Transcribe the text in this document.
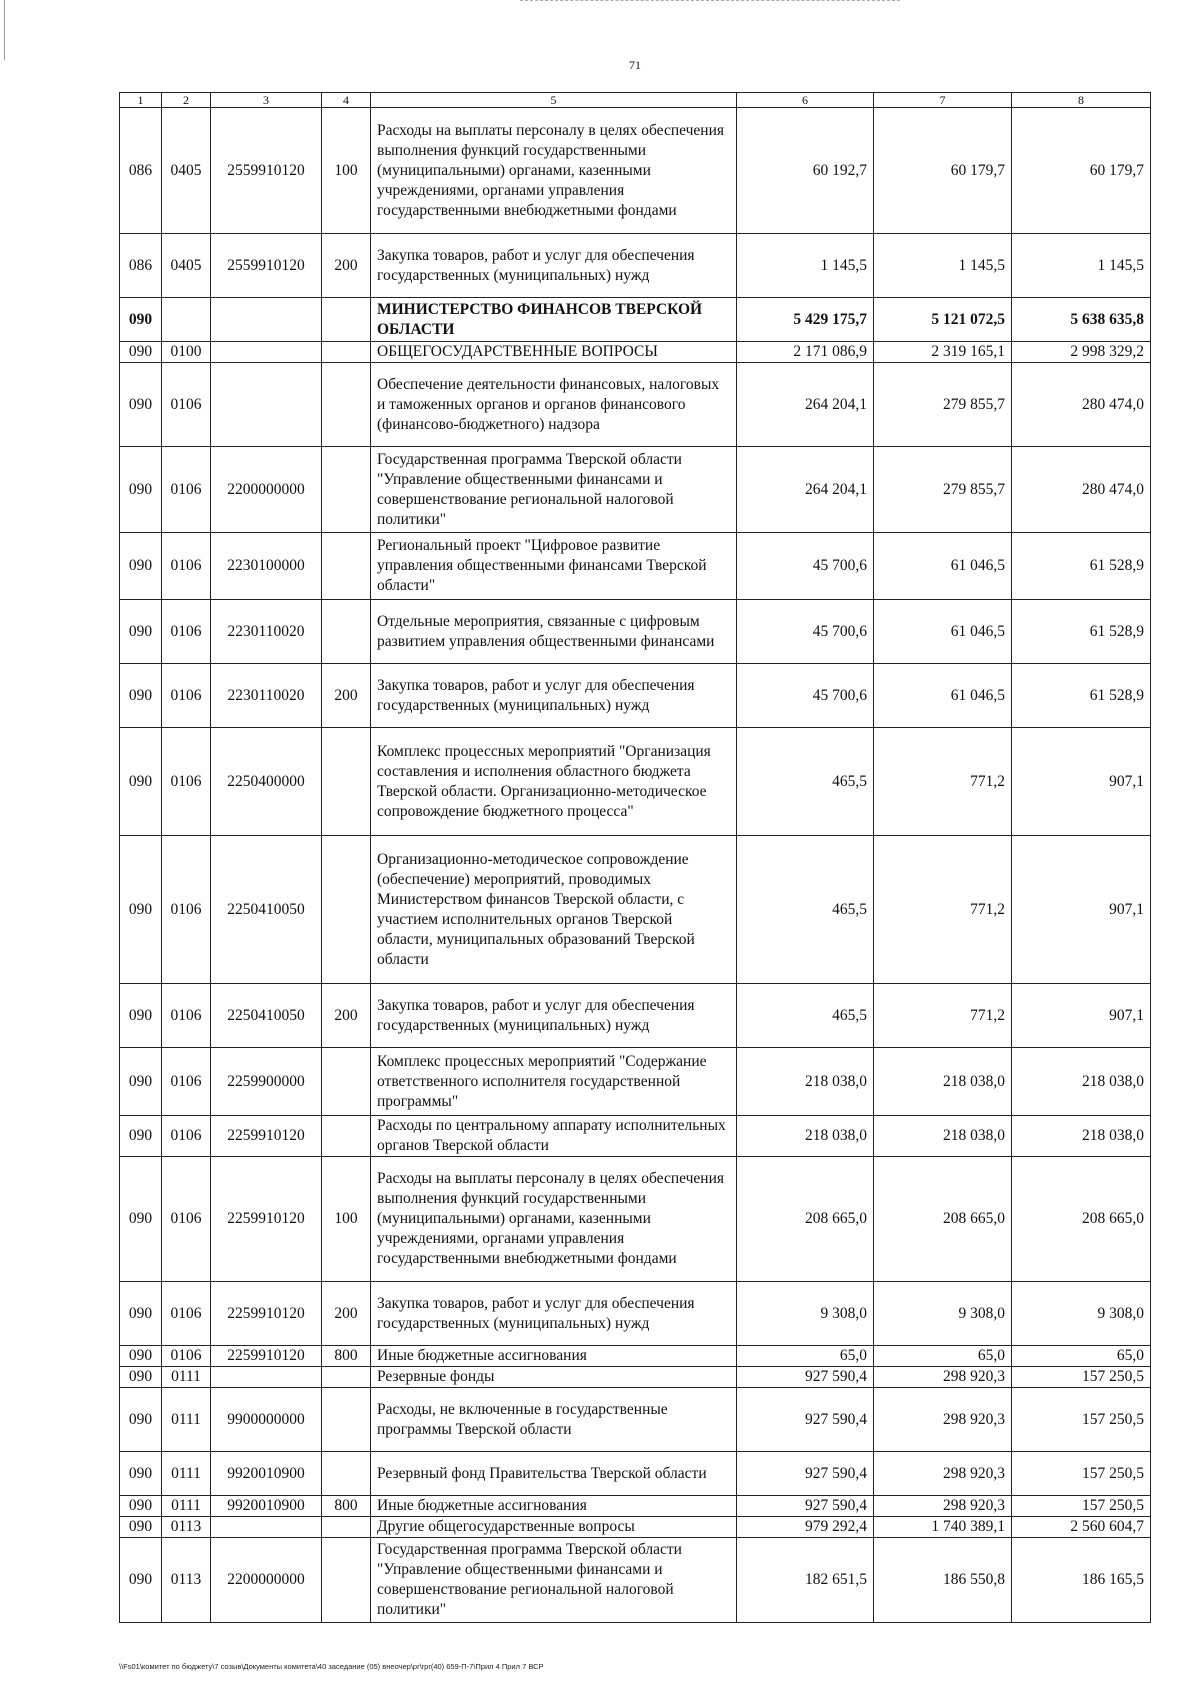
71
1	2	3	4	5	6	7	8
086	0405	2559910120	100	Расходы на выплаты персоналу в целях обеспечения выполнения функций государственными (муниципальными) органами, казенными учреждениями, органами управления государственными внебюджетными фондами	60 192,7	60 179,7	60 179,7
086	0405	2559910120	200	Закупка товаров, работ и услуг для обеспечения государственных (муниципальных) нужд	1 145,5	1 145,5	1 145,5
090				МИНИСТЕРСТВО ФИНАНСОВ ТВЕРСКОЙ ОБЛАСТИ	5 429 175,7	5 121 072,5	5 638 635,8
090	0100			ОБЩЕГОСУДАРСТВЕННЫЕ ВОПРОСЫ	2 171 086,9	2 319 165,1	2 998 329,2
090	0106			Обеспечение деятельности финансовых, налоговых и таможенных органов и органов финансового (финансово-бюджетного) надзора	264 204,1	279 855,7	280 474,0
090	0106	2200000000		Государственная программа Тверской области "Управление общественными финансами и совершенствование региональной налоговой политики"	264 204,1	279 855,7	280 474,0
090	0106	2230100000		Региональный проект "Цифровое развитие управления общественными финансами Тверской области"	45 700,6	61 046,5	61 528,9
090	0106	2230110020		Отдельные мероприятия, связанные с цифровым развитием управления общественными финансами	45 700,6	61 046,5	61 528,9
090	0106	2230110020	200	Закупка товаров, работ и услуг для обеспечения государственных (муниципальных) нужд	45 700,6	61 046,5	61 528,9
090	0106	2250400000		Комплекс процессных мероприятий "Организация составления и исполнения областного бюджета Тверской области. Организационно-методическое сопровождение бюджетного процесса"	465,5	771,2	907,1
090	0106	2250410050		Организационно-методическое сопровождение (обеспечение) мероприятий, проводимых Министерством финансов Тверской области, с участием исполнительных органов Тверской области, муниципальных образований Тверской области	465,5	771,2	907,1
090	0106	2250410050	200	Закупка товаров, работ и услуг для обеспечения государственных (муниципальных) нужд	465,5	771,2	907,1
090	0106	2259900000		Комплекс процессных мероприятий "Содержание ответственного исполнителя государственной программы"	218 038,0	218 038,0	218 038,0
090	0106	2259910120		Расходы по центральному аппарату исполнительных органов Тверской области	218 038,0	218 038,0	218 038,0
090	0106	2259910120	100	Расходы на выплаты персоналу в целях обеспечения выполнения функций государственными (муниципальными) органами, казенными учреждениями, органами управления государственными внебюджетными фондами	208 665,0	208 665,0	208 665,0
090	0106	2259910120	200	Закупка товаров, работ и услуг для обеспечения государственных (муниципальных) нужд	9 308,0	9 308,0	9 308,0
090	0106	2259910120	800	Иные бюджетные ассигнования	65,0	65,0	65,0
090	0111			Резервные фонды	927 590,4	298 920,3	157 250,5
090	0111	9900000000		Расходы, не включенные в государственные программы Тверской области	927 590,4	298 920,3	157 250,5
090	0111	9920010900		Резервный фонд Правительства Тверской области	927 590,4	298 920,3	157 250,5
090	0111	9920010900	800	Иные бюджетные ассигнования	927 590,4	298 920,3	157 250,5
090	0113			Другие общегосударственные вопросы	979 292,4	1 740 389,1	2 560 604,7
090	0113	2200000000		Государственная программа Тверской области "Управление общественными финансами и совершенствование региональной налоговой политики"	182 651,5	186 550,8	186 165,5
\\Fs01\комитет по бюджету\7 созыв\Документы комитета\40 заседание (05) внеочер\pr\rpr(40) 659-П-7\Прил 4 Прил 7 ВСР
